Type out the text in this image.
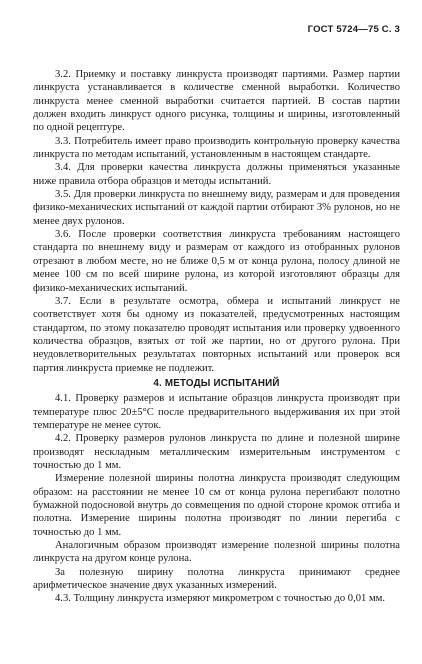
ГОСТ 5724—75 С. 3

3.2. Приемку и поставку линкруста производят партиями. Размер партии линкруста устанавливается в количестве сменной выработки. Количество линкруста менее сменной выработки считается партией. В состав партии должен входить линкруст одного рисунка, толщины и ширины, изготовленный по одной рецептуре.

3.3. Потребитель имеет право производить контрольную проверку качества линкруста по методам испытаний, установленным в настоящем стандарте.

3.4. Для проверки качества линкруста должны применяться указанные ниже правила отбора образцов и методы испытаний.

3.5. Для проверки линкруста по внешнему виду, размерам и для проведения физико-механических испытаний от каждой партии отбирают 3% рулонов, но не менее двух рулонов.

3.6. После проверки соответствия линкруста требованиям настоящего стандарта по внешнему виду и размерам от каждого из отобранных рулонов отрезают в любом месте, но не ближе 0,5 м от конца рулона, полосу длиной не менее 100 см по всей ширине рулона, из которой изготовляют образцы для физико-механических испытаний.

3.7. Если в результате осмотра, обмера и испытаний линкруст не соответствует хотя бы одному из показателей, предусмотренных настоящим стандартом, по этому показателю проводят испытания или проверку удвоенного количества образцов, взятых от той же партии, но от другого рулона. При неудовлетворительных результатах повторных испытаний или проверок вся партия линкруста приемке не подлежит.

4. МЕТОДЫ ИСПЫТАНИЙ

4.1. Проверку размеров и испытание образцов линкруста производят при температуре плюс 20±5°С после предварительного выдерживания их при этой температуре не менее суток.

4.2. Проверку размеров рулонов линкруста по длине и полезной ширине производят нескладным металлическим измерительным инструментом с точностью до 1 мм.

Измерение полезной ширины полотна линкруста производят следующим образом: на расстоянии не менее 10 см от конца рулона перегибают полотно бумажной подосновой внутрь до совмещения по одной стороне кромок отгиба и полотна. Измерение ширины полотна производят по линии перегиба с точностью до 1 мм.

Аналогичным образом производят измерение полезной ширины полотна линкруста на другом конце рулона.

За полезную ширину полотна линкруста принимают среднее арифметическое значение двух указанных измерений.

4.3. Толщину линкруста измеряют микрометром с точностью до 0,01 мм.
